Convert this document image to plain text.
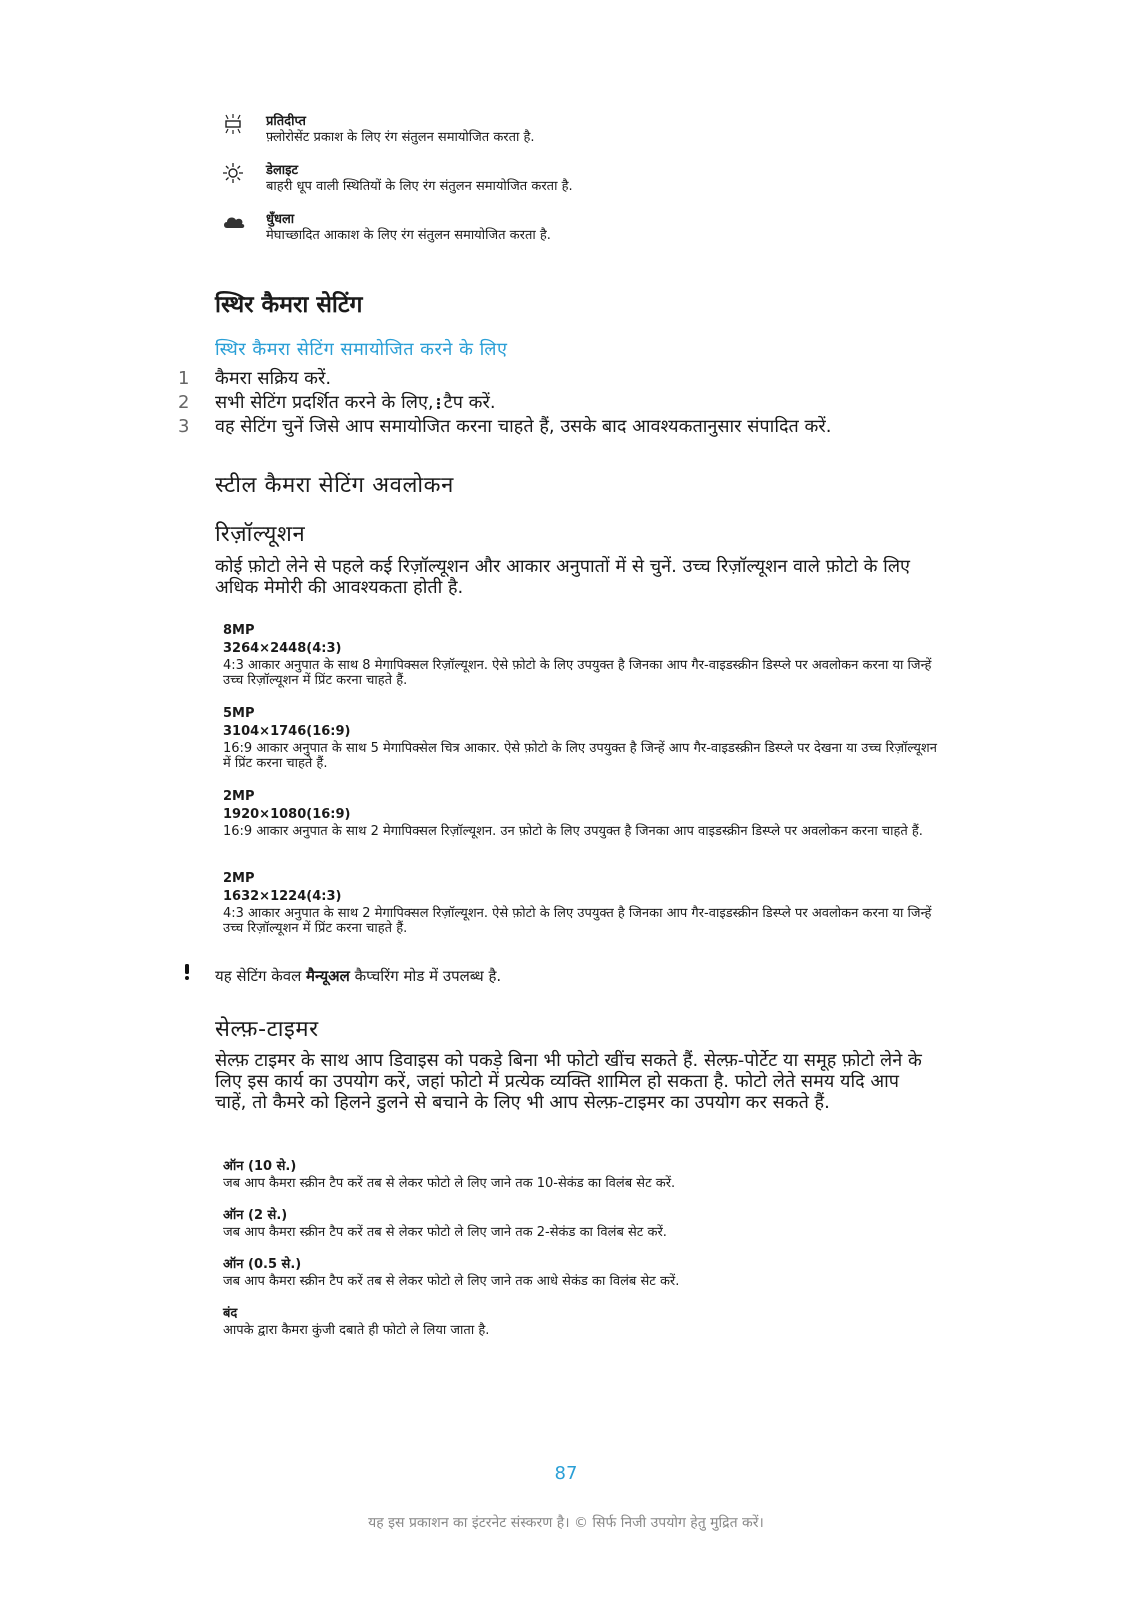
प्रतिदीप्त
फ़्लोरोसेंट प्रकाश के लिए रंग संतुलन समायोजित करता है.
डेलाइट
बाहरी धूप वाली स्थितियों के लिए रंग संतुलन समायोजित करता है.
धुँधला
मेघाच्छादित आकाश के लिए रंग संतुलन समायोजित करता है.
स्थिर कैमरा सेटिंग
स्थिर कैमरा सेटिंग समायोजित करने के लिए
1	कैमरा सक्रिय करें.
2	सभी सेटिंग प्रदर्शित करने के लिए, टैप करें.
3	वह सेटिंग चुनें जिसे आप समायोजित करना चाहते हैं, उसके बाद आवश्यकतानुसार संपादित करें.
स्टील कैमरा सेटिंग अवलोकन
रिज़ॉल्यूशन
कोई फ़ोटो लेने से पहले कई रिज़ॉल्यूशन और आकार अनुपातों में से चुनें. उच्च रिज़ॉल्यूशन वाले फ़ोटो के लिए अधिक मेमोरी की आवश्यकता होती है.
8MP
3264×2448(4:3)
4:3 आकार अनुपात के साथ 8 मेगापिक्सल रिज़ॉल्यूशन. ऐसे फ़ोटो के लिए उपयुक्त है जिनका आप गैर-वाइडस्क्रीन डिस्प्ले पर अवलोकन करना या जिन्हें उच्च रिज़ॉल्यूशन में प्रिंट करना चाहते हैं.
5MP
3104×1746(16:9)
16:9 आकार अनुपात के साथ 5 मेगापिक्सेल चित्र आकार. ऐसे फ़ोटो के लिए उपयुक्त है जिन्हें आप गैर-वाइडस्क्रीन डिस्प्ले पर देखना या उच्च रिज़ॉल्यूशन में प्रिंट करना चाहते हैं.
2MP
1920×1080(16:9)
16:9 आकार अनुपात के साथ 2 मेगापिक्सल रिज़ॉल्यूशन. उन फ़ोटो के लिए उपयुक्त है जिनका आप वाइडस्क्रीन डिस्प्ले पर अवलोकन करना चाहते हैं.
2MP
1632×1224(4:3)
4:3 आकार अनुपात के साथ 2 मेगापिक्सल रिज़ॉल्यूशन. ऐसे फ़ोटो के लिए उपयुक्त है जिनका आप गैर-वाइडस्क्रीन डिस्प्ले पर अवलोकन करना या जिन्हें उच्च रिज़ॉल्यूशन में प्रिंट करना चाहते हैं.
यह सेटिंग केवल मैन्यूअल कैप्चरिंग मोड में उपलब्ध है.
सेल्फ़-टाइमर
सेल्फ़ टाइमर के साथ आप डिवाइस को पकड़े बिना भी फोटो खींच सकते हैं. सेल्फ़-पोर्टेट या समूह फ़ोटो लेने के लिए इस कार्य का उपयोग करें, जहां फोटो में प्रत्येक व्यक्ति शामिल हो सकता है. फोटो लेते समय यदि आप चाहें, तो कैमरे को हिलने डुलने से बचाने के लिए भी आप सेल्फ़-टाइमर का उपयोग कर सकते हैं.
ऑन (10 से.)
जब आप कैमरा स्क्रीन टैप करें तब से लेकर फोटो ले लिए जाने तक 10-सेकंड का विलंब सेट करें.
ऑन (2 से.)
जब आप कैमरा स्क्रीन टैप करें तब से लेकर फोटो ले लिए जाने तक 2-सेकंड का विलंब सेट करें.
ऑन (0.5 से.)
जब आप कैमरा स्क्रीन टैप करें तब से लेकर फोटो ले लिए जाने तक आधे सेकंड का विलंब सेट करें.
बंद
आपके द्वारा कैमरा कुंजी दबाते ही फोटो ले लिया जाता है.
87
यह इस प्रकाशन का इंटरनेट संस्करण है। © सिर्फ निजी उपयोग हेतु मुद्रित करें।
